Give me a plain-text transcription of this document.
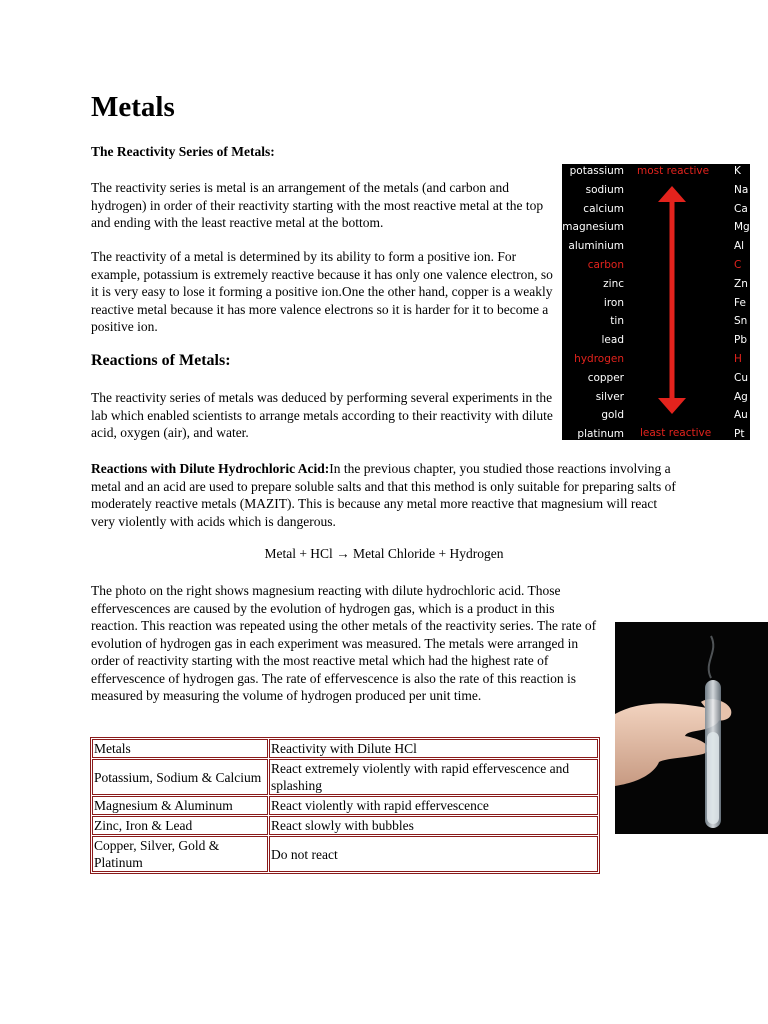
Metals

The Reactivity Series of Metals:

The reactivity series is metal is an arrangement of the metals (and carbon and hydrogen) in order of their reactivity starting with the most reactive metal at the top and ending with the least reactive metal at the bottom.

The reactivity of a metal is determined by its ability to form a positive ion. For example, potassium is extremely reactive because it has only one valence electron, so it is very easy to lose it forming a positive ion.One the other hand, copper is a weakly reactive metal because it has more valence electrons so it is harder for it to become a positive ion.

Reactions of Metals:

The reactivity series of metals was deduced by performing several experiments in the lab which enabled scientists to arrange metals according to their reactivity with dilute acid, oxygen (air), and water.

Reactions with Dilute Hydrochloric Acid:In the previous chapter, you studied those reactions involving a metal and an acid are used to prepare soluble salts and that this method is only suitable for preparing salts of moderately reactive metals (MAZIT). This is because any metal more reactive that magnesium will react very violently with acids which is dangerous.

Metal + HCl → Metal Chloride + Hydrogen

The photo on the right shows magnesium reacting with dilute hydrochloric acid. Those effervescences are caused by the evolution of hydrogen gas, which is a product in this reaction. This reaction was repeated using the other metals of the reactivity series. The rate of evolution of hydrogen gas in each experiment was measured. The metals were arranged in order of reactivity starting with the most reactive metal which had the highest rate of effervescence of hydrogen gas. The rate of effervescence is also the rate of this reaction is measured by measuring the volume of hydrogen produced per unit time.

most reactive
least reactive
potassium	K
sodium	Na
calcium	Ca
magnesium	Mg
aluminium	Al
carbon	C
zinc	Zn
iron	Fe
tin	Sn
lead	Pb
hydrogen	H
copper	Cu
silver	Ag
gold	Au
platinum	Pt
Metals	Reactivity with Dilute HCl
Potassium, Sodium & Calcium	React extremely violently with rapid effervescence and splashing
Magnesium & Aluminum	React violently with rapid effervescence
Zinc, Iron & Lead	React slowly with bubbles
Copper, Silver, Gold & Platinum	Do not react
